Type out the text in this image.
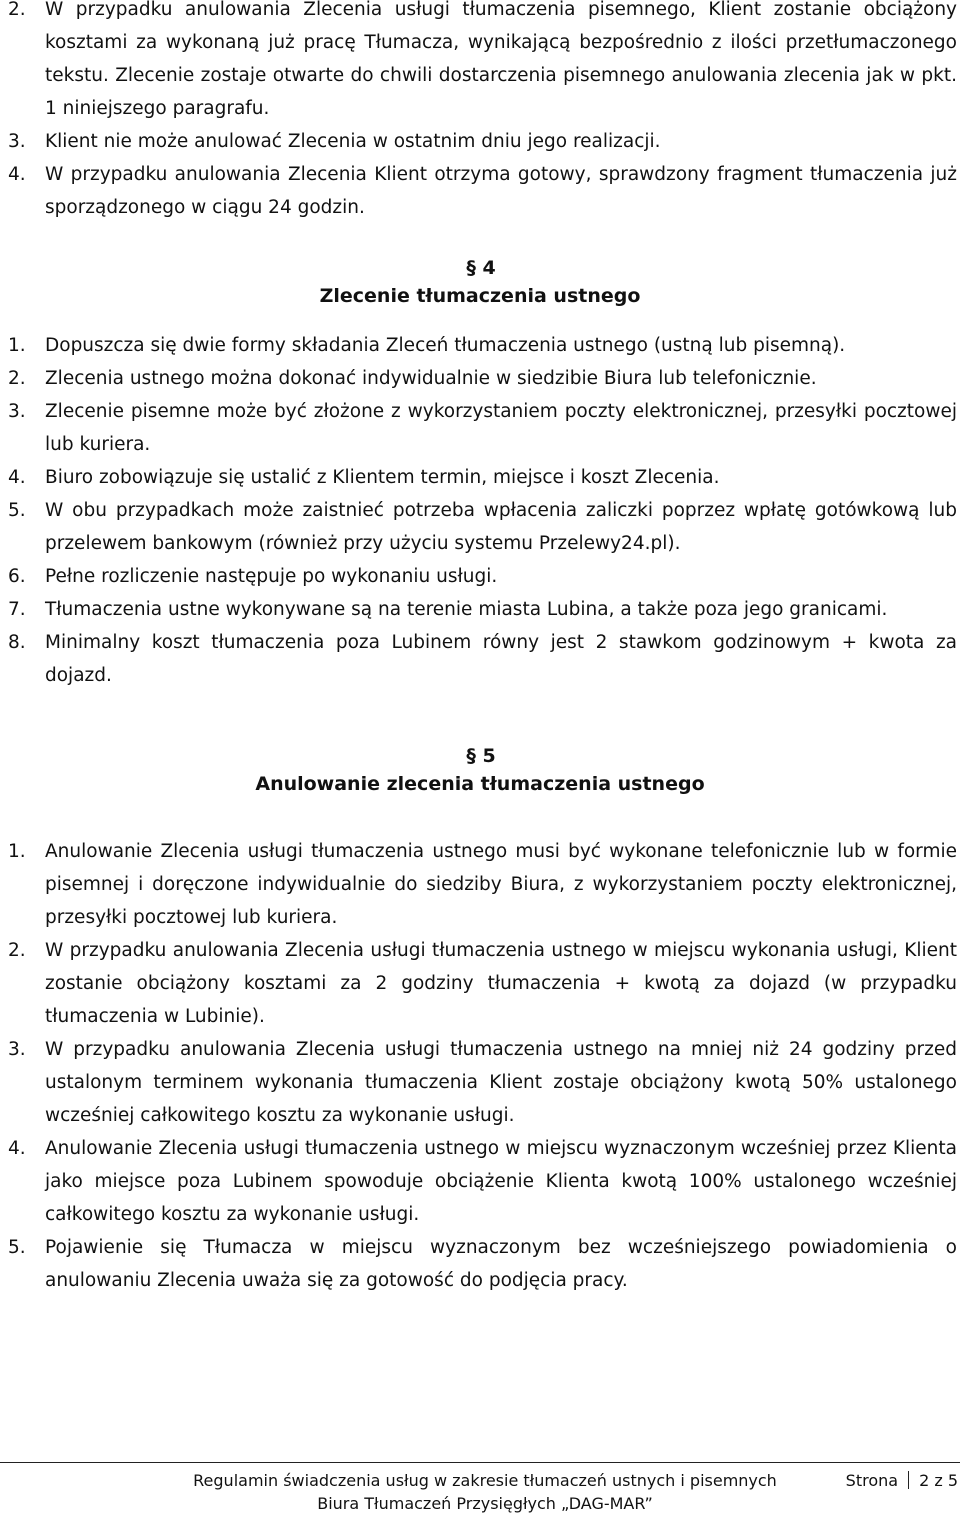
2. W przypadku anulowania Zlecenia usługi tłumaczenia pisemnego, Klient zostanie obciążony kosztami za wykonaną już pracę Tłumacza, wynikającą bezpośrednio z ilości przetłumaczonego tekstu. Zlecenie zostaje otwarte do chwili dostarczenia pisemnego anulowania zlecenia jak w pkt. 1 niniejszego paragrafu.
3. Klient nie może anulować Zlecenia w ostatnim dniu jego realizacji.
4. W przypadku anulowania Zlecenia Klient otrzyma gotowy, sprawdzony fragment tłumaczenia już sporządzonego w ciągu 24 godzin.
§ 4
Zlecenie tłumaczenia ustnego
1. Dopuszcza się dwie formy składania Zleceń tłumaczenia ustnego (ustną lub pisemną).
2. Zlecenia ustnego można dokonać indywidualnie w siedzibie Biura lub telefonicznie.
3. Zlecenie pisemne może być złożone z wykorzystaniem poczty elektronicznej, przesyłki pocztowej lub kuriera.
4. Biuro zobowiązuje się ustalić z Klientem termin, miejsce i koszt Zlecenia.
5. W obu przypadkach może zaistnieć potrzeba wpłacenia zaliczki poprzez wpłatę gotówkową lub przelewem bankowym (również przy użyciu systemu Przelewy24.pl).
6. Pełne rozliczenie następuje po wykonaniu usługi.
7. Tłumaczenia ustne wykonywane są na terenie miasta Lubina, a także poza jego granicami.
8. Minimalny koszt tłumaczenia poza Lubinem równy jest 2 stawkom godzinowym + kwota za dojazd.
§ 5
Anulowanie zlecenia tłumaczenia ustnego
1. Anulowanie Zlecenia usługi tłumaczenia ustnego musi być wykonane telefonicznie lub w formie pisemnej i doręczone indywidualnie do siedziby Biura, z wykorzystaniem poczty elektronicznej, przesyłki pocztowej lub kuriera.
2. W przypadku anulowania Zlecenia usługi tłumaczenia ustnego w miejscu wykonania usługi, Klient zostanie obciążony kosztami za 2 godziny tłumaczenia + kwotą za dojazd (w przypadku tłumaczenia w Lubinie).
3. W przypadku anulowania Zlecenia usługi tłumaczenia ustnego na mniej niż 24 godziny przed ustalonym terminem wykonania tłumaczenia Klient zostaje obciążony kwotą 50% ustalonego wcześniej całkowitego kosztu za wykonanie usługi.
4. Anulowanie Zlecenia usługi tłumaczenia ustnego w miejscu wyznaczonym wcześniej przez Klienta jako miejsce poza Lubinem spowoduje obciążenie Klienta kwotą 100% ustalonego wcześniej całkowitego kosztu za wykonanie usługi.
5. Pojawienie się Tłumacza w miejscu wyznaczonym bez wcześniejszego powiadomienia o anulowaniu Zlecenia uważa się za gotowość do podjęcia pracy.
Regulamin świadczenia usług w zakresie tłumaczeń ustnych i pisemnych
Biura Tłumaczeń Przysięgłych „DAG-MAR”
Strona 2 z 5
